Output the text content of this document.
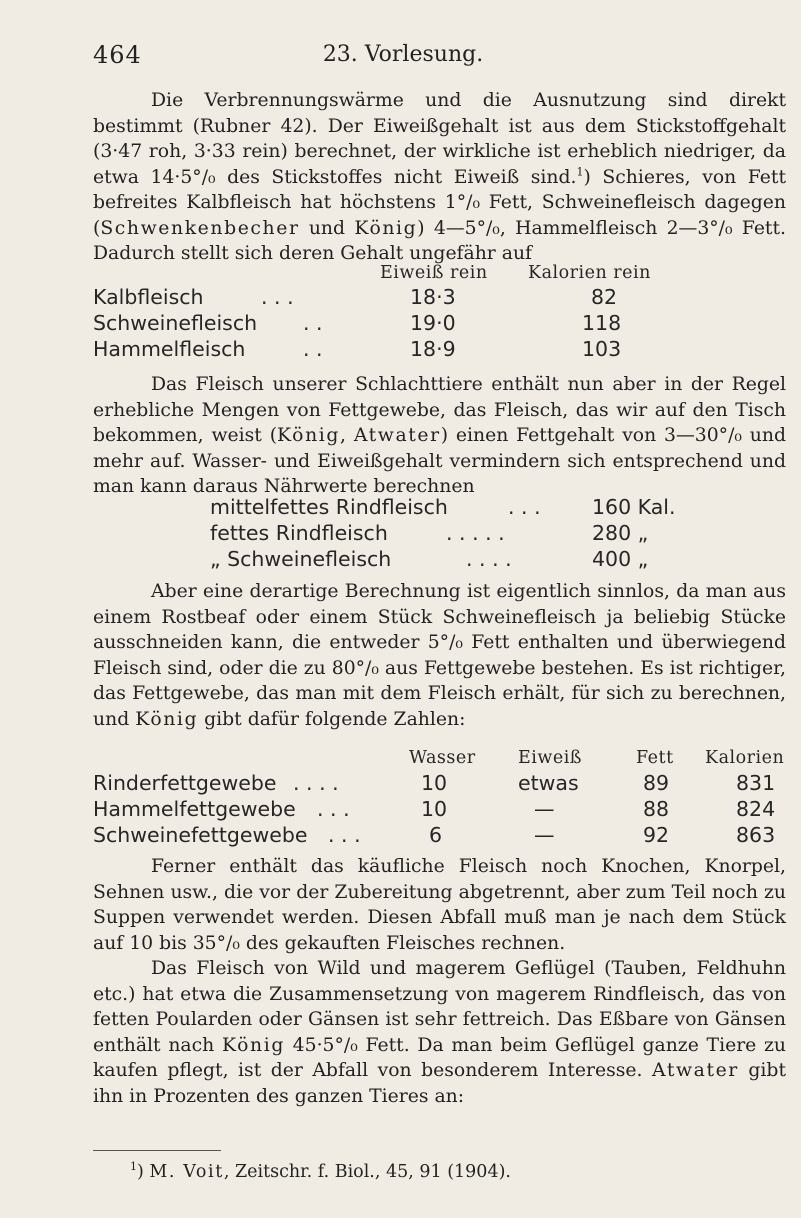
464	23. Vorlesung.

Die Verbrennungswärme und die Ausnutzung sind direkt bestimmt (Rubner 42). Der Eiweißgehalt ist aus dem Stickstoffgehalt (3·47 roh, 3·33 rein) berechnet, der wirkliche ist erheblich niedriger, da etwa 14·5°/₀ des Stickstoffes nicht Eiweiß sind.$^1$) Schieres, von Fett befreites Kalbfleisch hat höchstens 1°/₀ Fett, Schweinefleisch dagegen (Schwenkenbecher und König) 4—5°/₀, Hammelfleisch 2—3°/₀ Fett. Dadurch stellt sich deren Gehalt ungefähr auf

Eiweiß rein Kalorien rein
Kalbfleisch	. . .	18·3	82
Schweinefleisch . .	19·0	118
Hammelfleisch	. .	18·9	103

Das Fleisch unserer Schlachttiere enthält nun aber in der Regel erhebliche Mengen von Fettgewebe, das Fleisch, das wir auf den Tisch bekommen, weist (König, Atwater) einen Fettgehalt von 3—30°/₀ und mehr auf. Wasser- und Eiweißgehalt vermindern sich entsprechend und man kann daraus Nährwerte berechnen

mittelfettes Rindfleisch	. . .	160 Kal.
fettes Rindfleisch	. . . . .	280 „
„ Schweinefleisch	. . . .	400 „

Aber eine derartige Berechnung ist eigentlich sinnlos, da man aus einem Rostbeaf oder einem Stück Schweinefleisch ja beliebig Stücke ausschneiden kann, die entweder 5°/₀ Fett enthalten und überwiegend Fleisch sind, oder die zu 80°/₀ aus Fettgewebe bestehen. Es ist richtiger, das Fettgewebe, das man mit dem Fleisch erhält, für sich zu berechnen, und König gibt dafür folgende Zahlen:

Wasser Eiweiß	Fett Kalorien
Rinderfettgewebe . . . .	10	etwas	89	831
Hammelfettgewebe . . .	10	—	88	824
Schweinefettgewebe . . .	6	—	92	863

Ferner enthält das käufliche Fleisch noch Knochen, Knorpel, Sehnen usw., die vor der Zubereitung abgetrennt, aber zum Teil noch zu Suppen verwendet werden. Diesen Abfall muß man je nach dem Stück auf 10 bis 35°/₀ des gekauften Fleisches rechnen.

Das Fleisch von Wild und magerem Geflügel (Tauben, Feldhuhn etc.) hat etwa die Zusammensetzung von magerem Rindfleisch, das von fetten Poularden oder Gänsen ist sehr fettreich. Das Eßbare von Gänsen enthält nach König 45·5°/₀ Fett. Da man beim Geflügel ganze Tiere zu kaufen pflegt, ist der Abfall von besonderem Interesse. Atwater gibt ihn in Prozenten des ganzen Tieres an:

$^1$) M. Voit, Zeitschr. f. Biol., 45, 91 (1904).
